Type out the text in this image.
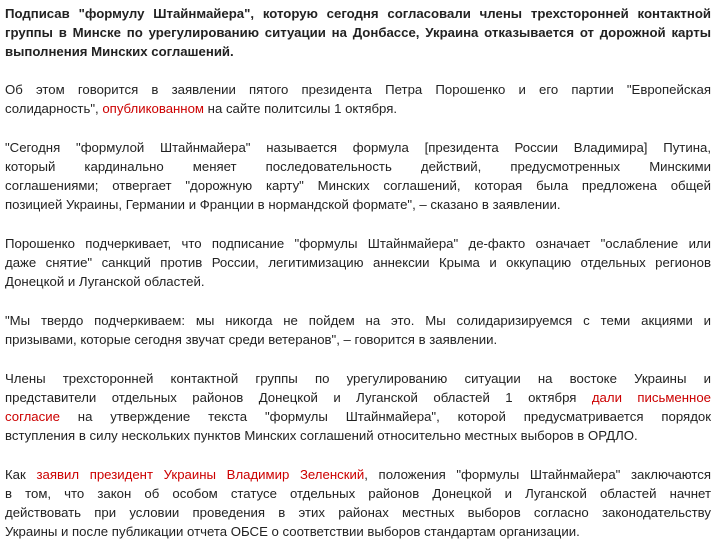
Подписав "формулу Штайнмайера", которую сегодня согласовали члены трехсторонней контактной
группы в Минске по урегулированию ситуации на Донбассе, Украина отказывается от дорожной карты
выполнения Минских соглашений.

Об этом говорится в заявлении пятого президента Петра Порошенко и его партии "Европейская
солидарность", опубликованном на сайте политсилы 1 октября.

"Сегодня "формулой Штайнмайера" называется формула [президента России Владимира] Путина,
который кардинально меняет последовательность действий, предусмотренных Минскими
соглашениями; отвергает "дорожную карту" Минских соглашений, которая была предложена общей
позицией Украины, Германии и Франции в нормандской формате", – сказано в заявлении.

Порошенко подчеркивает, что подписание "формулы Штайнмайера" де-факто означает "ослабление или
даже снятие" санкций против России, легитимизацию аннексии Крыма и оккупацию отдельных регионов
Донецкой и Луганской областей.

"Мы твердо подчеркиваем: мы никогда не пойдем на это. Мы солидаризируемся с теми акциями и
призывами, которые сегодня звучат среди ветеранов", – говорится в заявлении.

Члены трехсторонней контактной группы по урегулированию ситуации на востоке Украины и
представители отдельных районов Донецкой и Луганской областей 1 октября дали письменное
согласие на утверждение текста "формулы Штайнмайера", которой предусматривается порядок
вступления в силу нескольких пунктов Минских соглашений относительно местных выборов в ОРДЛО.

Как заявил президент Украины Владимир Зеленский, положения "формулы Штайнмайера" заключаются
в том, что закон об особом статусе отдельных районов Донецкой и Луганской областей начнет
действовать при условии проведения в этих районах местных выборов согласно законодательству
Украины и после публикации отчета ОБСЕ о соответствии выборов стандартам организации.
